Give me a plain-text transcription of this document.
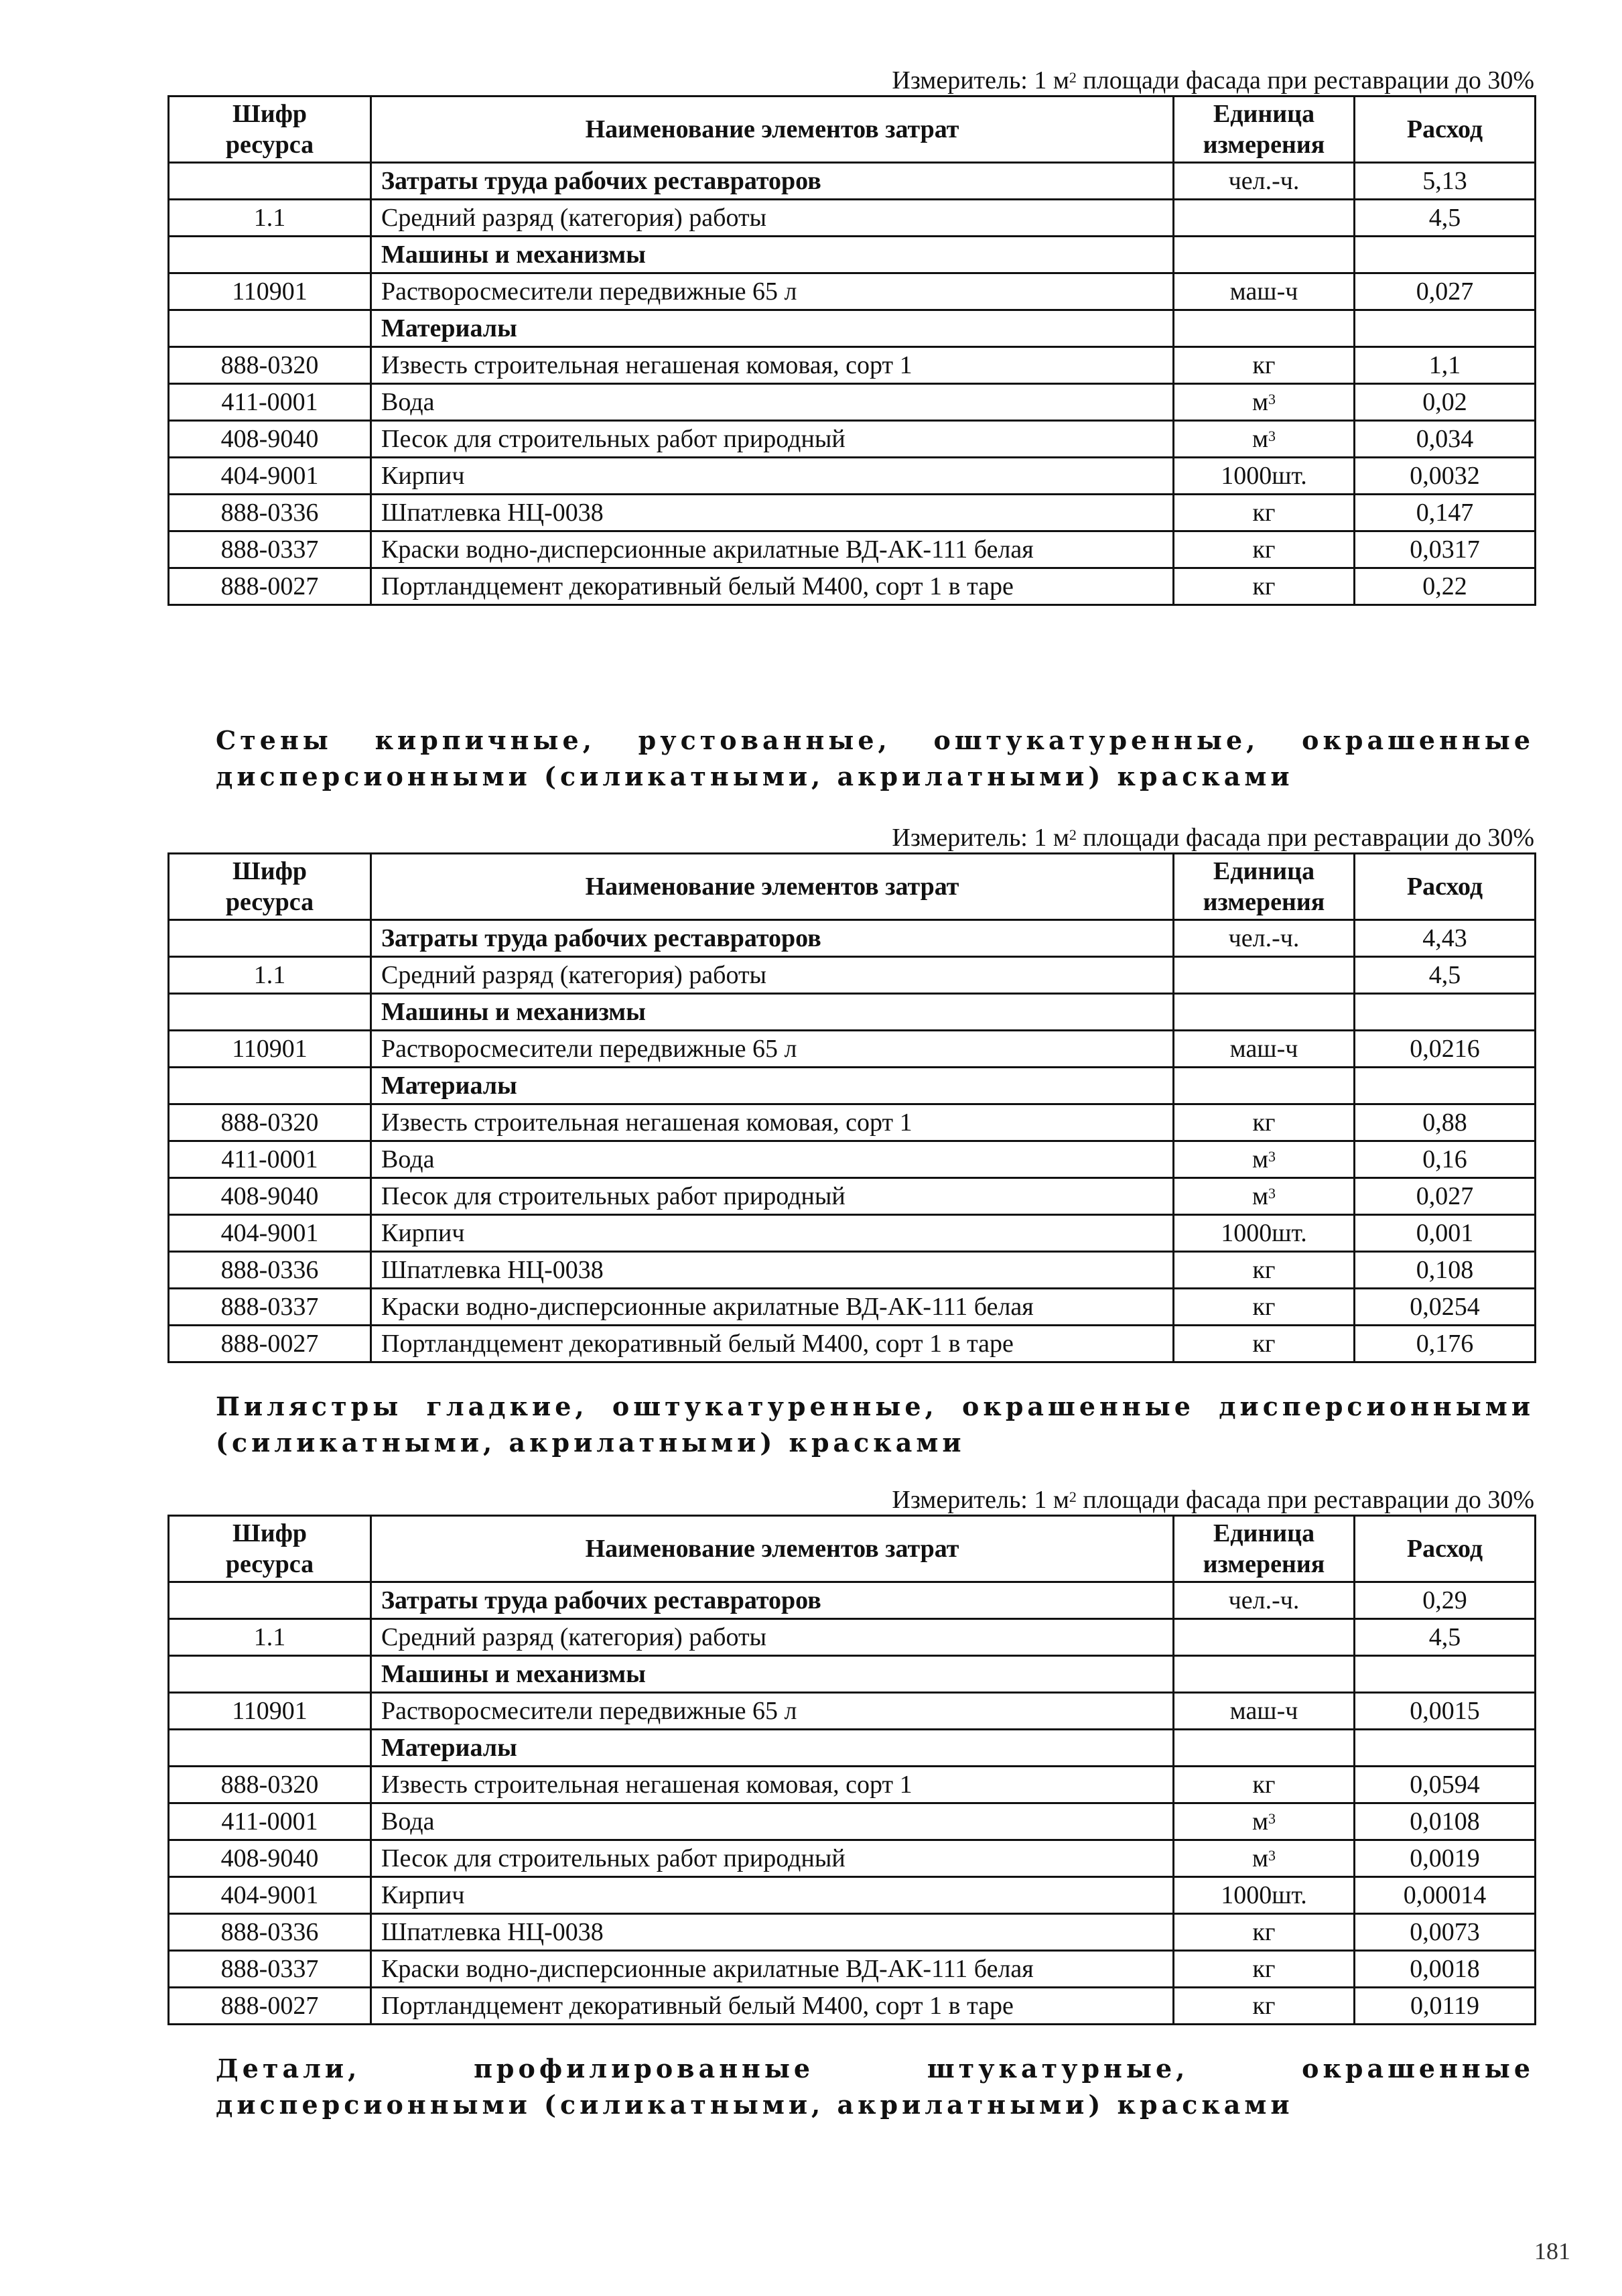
Измеритель: 1 $м^2$ площади фасада при реставрации до 30%
Шифр
ресурса	Наименование элементов затрат	Единица
измерения	Расход
	Затраты труда рабочих реставраторов	чел.-ч.	5,13
1.1	Средний разряд (категория) работы		4,5
	Машины и механизмы		
110901	Растворосмесители передвижные 65 л	маш-ч	0,027
	Материалы		
888-0320	Известь строительная негашеная комовая, сорт 1	кг	1,1
411-0001	Вода	$м^3$	0,02
408-9040	Песок для строительных работ природный	$м^3$	0,034
404-9001	Кирпич	1000шт.	0,0032
888-0336	Шпатлевка НЦ-0038	кг	0,147
888-0337	Краски водно-дисперсионные акрилатные ВД-АК-111 белая	кг	0,0317
888-0027	Портландцемент декоративный белый М400, сорт 1 в таре	кг	0,22
Стены кирпичные, рустованные, оштукатуренные, окрашенные дисперсионными (силикатными, акрилатными) красками
Измеритель: 1 $м^2$ площади фасада при реставрации до 30%
Шифр
ресурса	Наименование элементов затрат	Единица
измерения	Расход
	Затраты труда рабочих реставраторов	чел.-ч.	4,43
1.1	Средний разряд (категория) работы		4,5
	Машины и механизмы		
110901	Растворосмесители передвижные 65 л	маш-ч	0,0216
	Материалы		
888-0320	Известь строительная негашеная комовая, сорт 1	кг	0,88
411-0001	Вода	$м^3$	0,16
408-9040	Песок для строительных работ природный	$м^3$	0,027
404-9001	Кирпич	1000шт.	0,001
888-0336	Шпатлевка НЦ-0038	кг	0,108
888-0337	Краски водно-дисперсионные акрилатные ВД-АК-111 белая	кг	0,0254
888-0027	Портландцемент декоративный белый М400, сорт 1 в таре	кг	0,176
Пилястры гладкие, оштукатуренные, окрашенные дисперсионными (силикатными, акрилатными) красками
Измеритель: 1 $м^2$ площади фасада при реставрации до 30%
Шифр
ресурса	Наименование элементов затрат	Единица
измерения	Расход
	Затраты труда рабочих реставраторов	чел.-ч.	0,29
1.1	Средний разряд (категория) работы		4,5
	Машины и механизмы		
110901	Растворосмесители передвижные 65 л	маш-ч	0,0015
	Материалы		
888-0320	Известь строительная негашеная комовая, сорт 1	кг	0,0594
411-0001	Вода	$м^3$	0,0108
408-9040	Песок для строительных работ природный	$м^3$	0,0019
404-9001	Кирпич	1000шт.	0,00014
888-0336	Шпатлевка НЦ-0038	кг	0,0073
888-0337	Краски водно-дисперсионные акрилатные ВД-АК-111 белая	кг	0,0018
888-0027	Портландцемент декоративный белый М400, сорт 1 в таре	кг	0,0119
Детали, профилированные штукатурные, окрашенные дисперсионными (силикатными, акрилатными) красками
181
